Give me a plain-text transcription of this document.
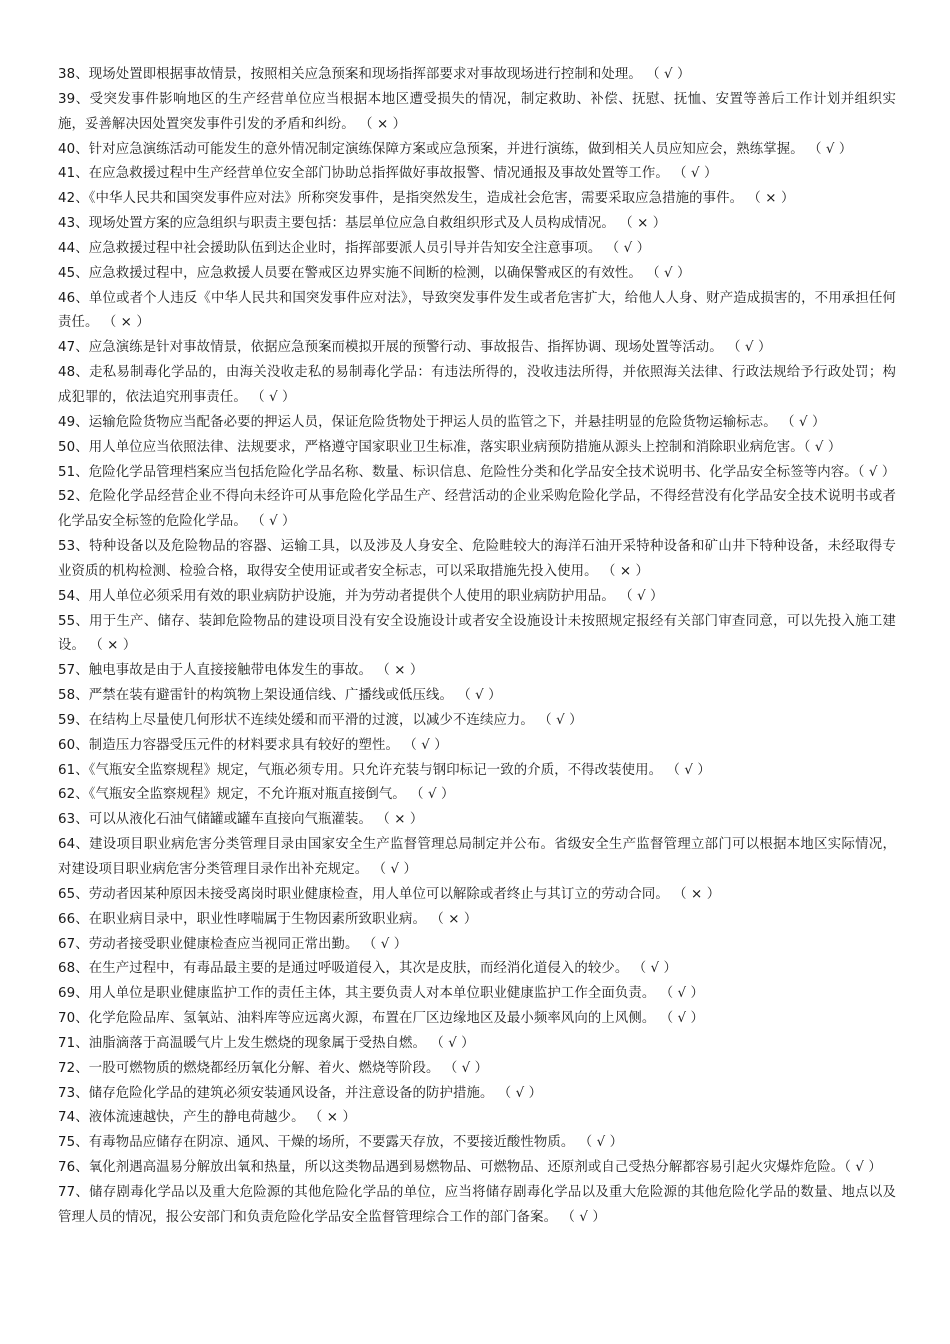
38、现场处置即根据事故情景，按照相关应急预案和现场指挥部要求对事故现场进行控制和处理。 （ √ ）

39、受突发事件影响地区的生产经营单位应当根据本地区遭受损失的情况，制定救助、补偿、抚慰、抚恤、安置等善后工作计划并组织实施，妥善解决因处置突发事件引发的矛盾和纠纷。 （ × ）

40、针对应急演练活动可能发生的意外情况制定演练保障方案或应急预案，并进行演练，做到相关人员应知应会，熟练掌握。 （ √ ）

41、在应急救援过程中生产经营单位安全部门协助总指挥做好事故报警、情况通报及事故处置等工作。 （ √ ）

42、《中华人民共和国突发事件应对法》所称突发事件，是指突然发生，造成社会危害，需要采取应急措施的事件。 （ × ）

43、现场处置方案的应急组织与职责主要包括：基层单位应急自救组织形式及人员构成情况。 （ × ）

44、应急救援过程中社会援助队伍到达企业时，指挥部要派人员引导并告知安全注意事项。 （ √ ）

45、应急救援过程中，应急救援人员要在警戒区边界实施不间断的检测，以确保警戒区的有效性。 （ √ ）

46、单位或者个人违反《中华人民共和国突发事件应对法》，导致突发事件发生或者危害扩大，给他人人身、财产造成损害的，不用承担任何责任。 （ × ）

47、应急演练是针对事故情景，依据应急预案而模拟开展的预警行动、事故报告、指挥协调、现场处置等活动。 （ √ ）

48、走私易制毒化学品的，由海关没收走私的易制毒化学品：有违法所得的，没收违法所得，并依照海关法律、行政法规给予行政处罚；构成犯罪的，依法追究刑事责任。 （ √ ）

49、运输危险货物应当配备必要的押运人员，保证危险货物处于押运人员的监管之下，并悬挂明显的危险货物运输标志。 （ √ ）

50、用人单位应当依照法律、法规要求，严格遵守国家职业卫生标准，落实职业病预防措施从源头上控制和消除职业病危害。（ √ ）

51、危险化学品管理档案应当包括危险化学品名称、数量、标识信息、危险性分类和化学品安全技术说明书、化学品安全标签等内容。（ √ ）

52、危险化学品经营企业不得向未经许可从事危险化学品生产、经营活动的企业采购危险化学品，不得经营没有化学品安全技术说明书或者化学品安全标签的危险化学品。 （ √ ）

53、特种设备以及危险物品的容器、运输工具，以及涉及人身安全、危险畦较大的海洋石油开采特种设备和矿山井下特种设备，未经取得专业资质的机构检测、检验合格，取得安全使用证或者安全标志，可以采取措施先投入使用。 （ × ）

54、用人单位必须采用有效的职业病防护设施，并为劳动者提供个人使用的职业病防护用品。 （ √ ）

55、用于生产、储存、装卸危险物品的建设项目没有安全设施设计或者安全设施设计未按照规定报经有关部门审查同意，可以先投入施工建设。 （ × ）

57、触电事故是由于人直接接触带电体发生的事故。 （ × ）

58、严禁在装有避雷针的构筑物上架设通信线、广播线或低压线。 （ √ ）

59、在结构上尽量使几何形状不连续处缓和而平滑的过渡，以减少不连续应力。 （ √ ）

60、制造压力容器受压元件的材料要求具有较好的塑性。 （ √ ）

61、《气瓶安全监察规程》规定，气瓶必须专用。只允许充装与钢印标记一致的介质，不得改装使用。 （ √ ）

62、《气瓶安全监察规程》规定，不允许瓶对瓶直接倒气。 （ √ ）

63、可以从液化石油气储罐或罐车直接向气瓶灌装。 （ × ）

64、建设项目职业病危害分类管理目录由国家安全生产监督管理总局制定并公布。省级安全生产监督管理立部门可以根据本地区实际情况，对建设项目职业病危害分类管理目录作出补充规定。 （ √ ）

65、劳动者因某种原因未接受离岗时职业健康检查，用人单位可以解除或者终止与其订立的劳动合同。 （ × ）

66、在职业病目录中，职业性哮喘属于生物因素所致职业病。 （ × ）

67、劳动者接受职业健康检查应当视同正常出勤。 （ √ ）

68、在生产过程中，有毒品最主要的是通过呼吸道侵入，其次是皮肤，而经消化道侵入的较少。 （ √ ）

69、用人单位是职业健康监护工作的责任主体，其主要负责人对本单位职业健康监护工作全面负责。 （ √ ）

70、化学危险品库、氢氧站、油料库等应远离火源，布置在厂区边缘地区及最小频率风向的上风侧。 （ √ ）

71、油脂滴落于高温暖气片上发生燃烧的现象属于受热自燃。 （ √ ）

72、一股可燃物质的燃烧都经历氧化分解、着火、燃烧等阶段。 （ √ ）

73、储存危险化学品的建筑必须安装通风设备，并注意设备的防护措施。 （ √ ）

74、液体流速越快，产生的静电荷越少。 （ × ）

75、有毒物品应储存在阴凉、通风、干燥的场所，不要露天存放，不要接近酸性物质。 （ √ ）

76、氧化剂遇高温易分解放出氧和热量，所以这类物品遇到易燃物品、可燃物品、还原剂或自己受热分解都容易引起火灾爆炸危险。（ √ ）

77、储存剧毒化学品以及重大危险源的其他危险化学品的单位，应当将储存剧毒化学品以及重大危险源的其他危险化学品的数量、地点以及管理人员的情况，报公安部门和负责危险化学品安全监督管理综合工作的部门备案。 （ √ ）
